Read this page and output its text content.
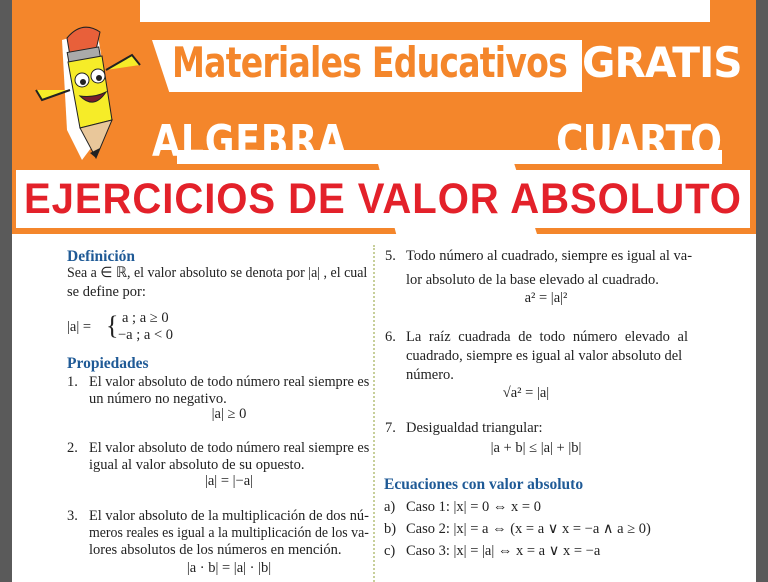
Materiales Educativos GRATIS
ALGEBRA	CUARTO
EJERCICIOS DE VALOR ABSOLUTO
Definición
Sea a ∈ ℝ, el valor absoluto se denota por |a| , el cual
se define por:
|a| = { a ; a ≥ 0
−a ; a < 0
Propiedades
1. El valor absoluto de todo número real siempre es
un número no negativo.
|a| ≥ 0
2. El valor absoluto de todo número real siempre es
igual al valor absoluto de su opuesto.
|a| = |−a|
3. El valor absoluto de la multiplicación de dos nú-
meros reales es igual a la multiplicación de los va-
lores absolutos de los números en mención.
|a · b| = |a| · |b|
5. Todo número al cuadrado, siempre es igual al va-
lor absoluto de la base elevado al cuadrado.
a² = |a|²
6. La raíz cuadrada de todo número elevado al
cuadrado, siempre es igual al valor absoluto del
número.
√a² = |a|
7. Desigualdad triangular:
|a + b| ≤ |a| + |b|
Ecuaciones con valor absoluto
a) Caso 1: |x| = 0 ⇔ x = 0
b) Caso 2: |x| = a ⇔ (x = a ∨ x = −a ∧ a ≥ 0)
c) Caso 3: |x| = |a| ⇔ x = a ∨ x = −a
